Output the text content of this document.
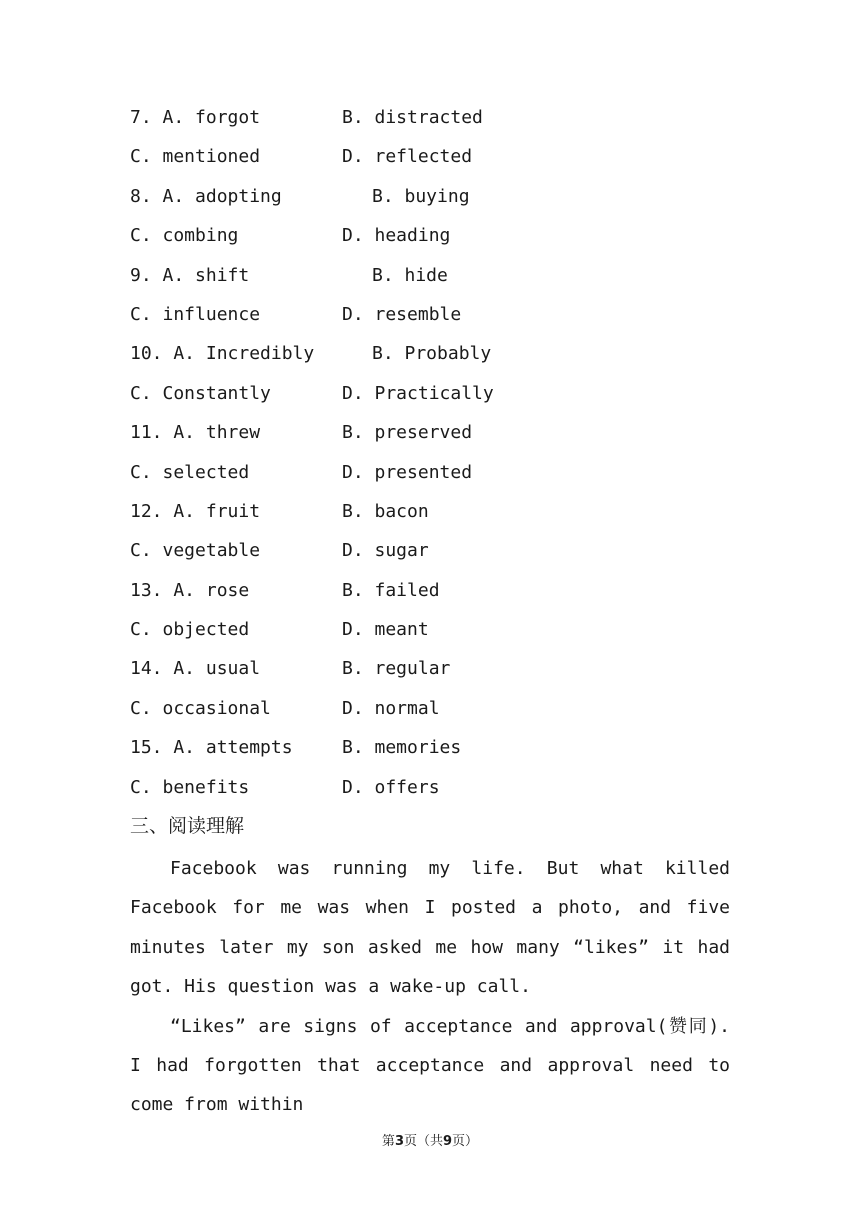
7. A. forgot	B. distracted
C. mentioned	D. reflected
8. A. adopting	B. buying
C. combing	D. heading
9. A. shift	B. hide
C. influence	D. resemble
10. A. Incredibly	B. Probably
C. Constantly	D. Practically
11. A. threw	B. preserved
C. selected	D. presented
12. A. fruit	B. bacon
C. vegetable	D. sugar
13. A. rose	B. failed
C. objected	D. meant
14. A. usual	B. regular
C. occasional	D. normal
15. A. attempts	B. memories
C. benefits	D. offers
三、阅读理解

Facebook was running my life. But what killed Facebook for me was when I posted a photo, and five minutes later my son asked me how many “likes” it had got. His question was a wake-up call.

“Likes” are signs of acceptance and approval(赞同). I had forgotten that acceptance and approval need to come from within

第3页（共9页）
